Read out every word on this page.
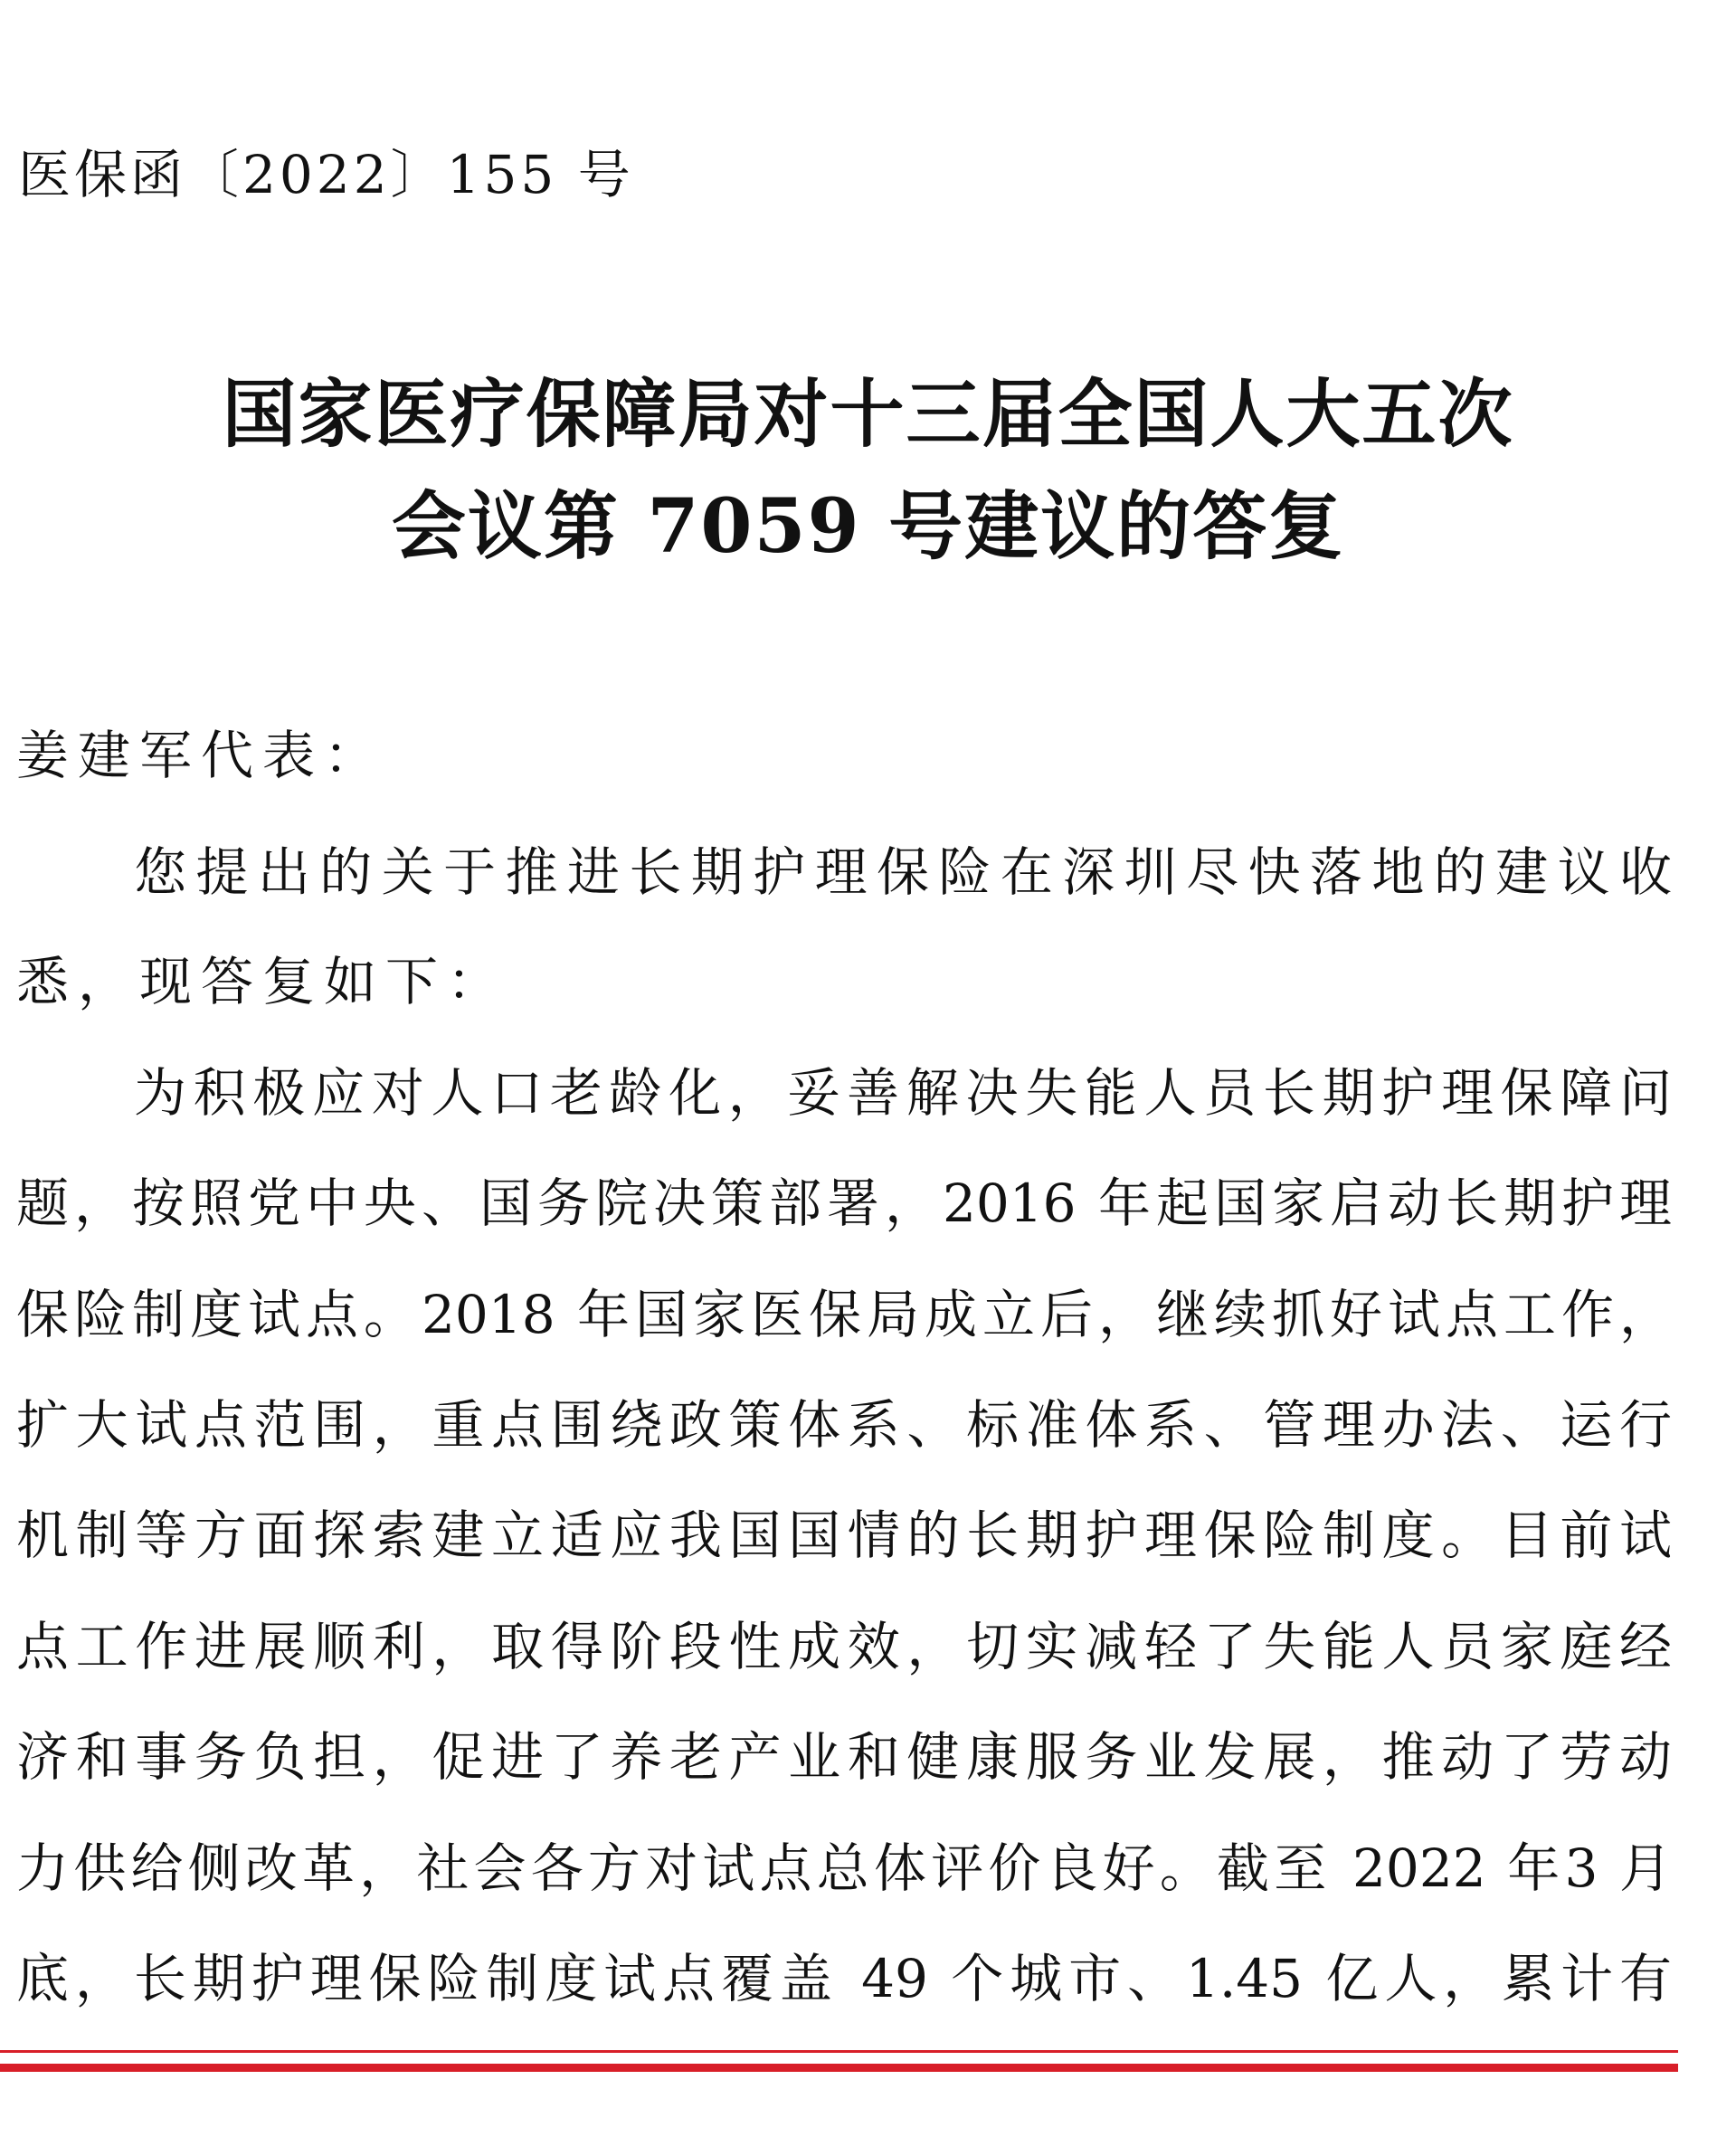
医保函〔2022〕155 号
国家医疗保障局对十三届全国人大五次
会议第 7059 号建议的答复
姜建军代表：
您提出的关于推进长期护理保险在深圳尽快落地的建议收
悉，现答复如下：
为积极应对人口老龄化，妥善解决失能人员长期护理保障问
题，按照党中央、国务院决策部署，2016 年起国家启动长期护理
保险制度试点。2018 年国家医保局成立后，继续抓好试点工作，
扩大试点范围，重点围绕政策体系、标准体系、管理办法、运行
机制等方面探索建立适应我国国情的长期护理保险制度。目前试
点工作进展顺利，取得阶段性成效，切实减轻了失能人员家庭经
济和事务负担，促进了养老产业和健康服务业发展，推动了劳动
力供给侧改革，社会各方对试点总体评价良好。截至 2022 年3 月
底，长期护理保险制度试点覆盖 49 个城市、1.45 亿人，累计有
